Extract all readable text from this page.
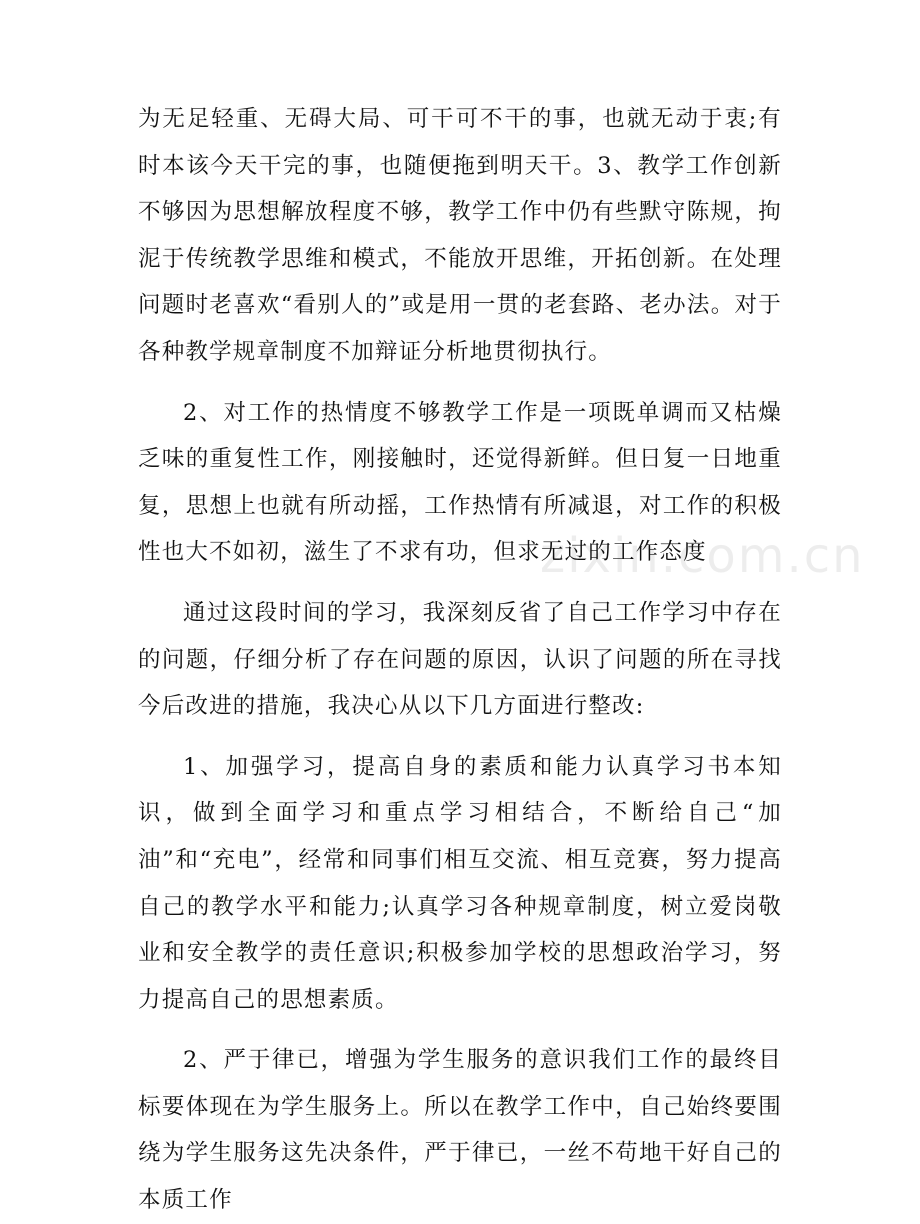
为无足轻重、无碍大局、可干可不干的事，也就无动于衷;有时本该今天干完的事，也随便拖到明天干。3、教学工作创新不够因为思想解放程度不够，教学工作中仍有些默守陈规，拘泥于传统教学思维和模式，不能放开思维，开拓创新。在处理问题时老喜欢“看别人的”或是用一贯的老套路、老办法。对于各种教学规章制度不加辩证分析地贯彻执行。

2、对工作的热情度不够教学工作是一项既单调而又枯燥乏味的重复性工作，刚接触时，还觉得新鲜。但日复一日地重复，思想上也就有所动摇，工作热情有所减退，对工作的积极性也大不如初，滋生了不求有功，但求无过的工作态度

通过这段时间的学习，我深刻反省了自己工作学习中存在的问题，仔细分析了存在问题的原因，认识了问题的所在寻找今后改进的措施，我决心从以下几方面进行整改:

1、加强学习，提高自身的素质和能力认真学习书本知识，做到全面学习和重点学习相结合，不断给自己“加油”和“充电”，经常和同事们相互交流、相互竞赛，努力提高自己的教学水平和能力;认真学习各种规章制度，树立爱岗敬业和安全教学的责任意识;积极参加学校的思想政治学习，努力提高自己的思想素质。

2、严于律已，增强为学生服务的意识我们工作的最终目标要体现在为学生服务上。所以在教学工作中，自己始终要围绕为学生服务这先决条件，严于律已，一丝不苟地干好自己的本质工作

zixin.com.cn
